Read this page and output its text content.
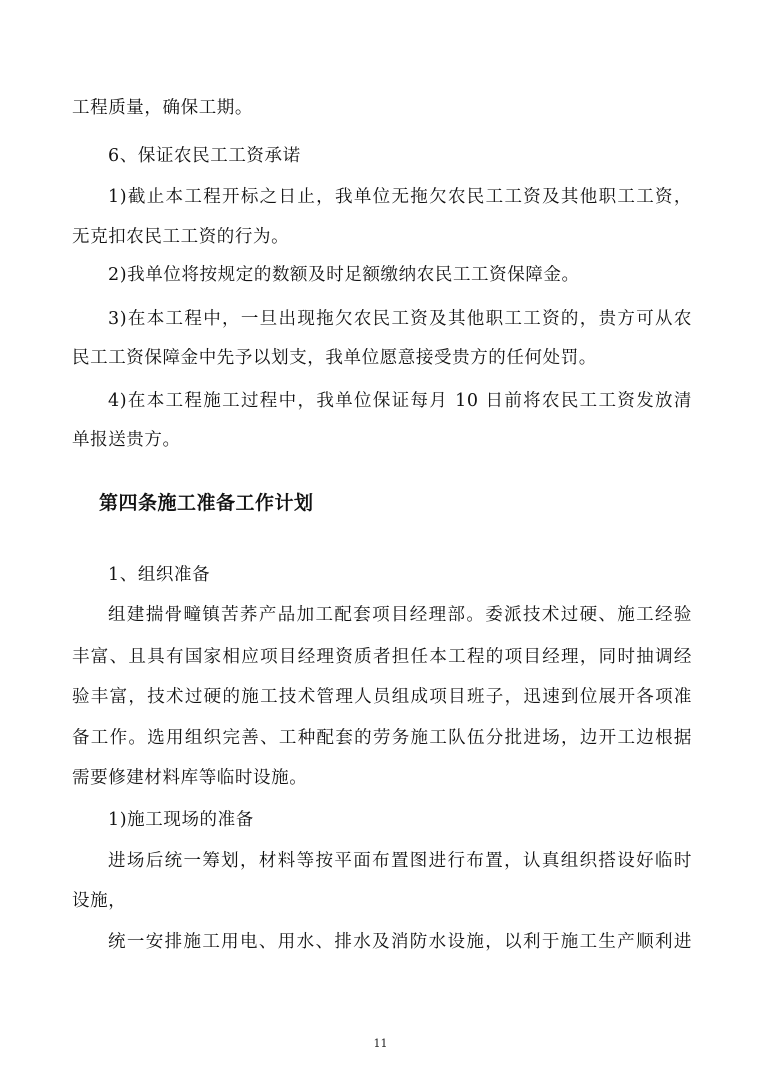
工程质量，确保工期。
6、保证农民工工资承诺
1)截止本工程开标之日止，我单位无拖欠农民工工资及其他职工工资，
无克扣农民工工资的行为。
2)我单位将按规定的数额及时足额缴纳农民工工资保障金。
3)在本工程中，一旦出现拖欠农民工资及其他职工工资的，贵方可从农
民工工资保障金中先予以划支，我单位愿意接受贵方的任何处罚。
4)在本工程施工过程中，我单位保证每月 10 日前将农民工工资发放清
单报送贵方。
第四条施工准备工作计划
1、组织准备
组建揣骨疃镇苦荞产品加工配套项目经理部。委派技术过硬、施工经验
丰富、且具有国家相应项目经理资质者担任本工程的项目经理，同时抽调经
验丰富，技术过硬的施工技术管理人员组成项目班子，迅速到位展开各项准
备工作。选用组织完善、工种配套的劳务施工队伍分批进场，边开工边根据
需要修建材料库等临时设施。
1)施工现场的准备
进场后统一筹划，材料等按平面布置图进行布置，认真组织搭设好临时
设施，
统一安排施工用电、用水、排水及消防水设施，以利于施工生产顺利进
11
